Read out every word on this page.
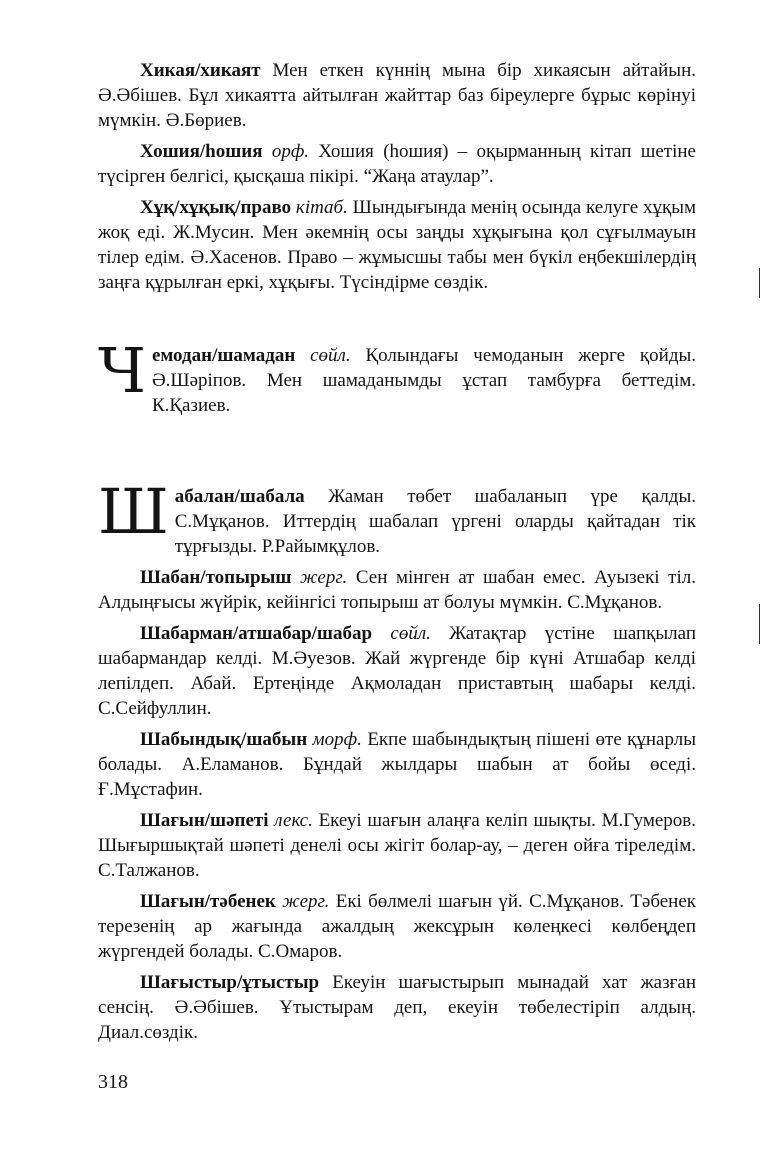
Хикая/хикаят Мен еткен күннің мына бір хикаясын айтайын. Ә.Әбішев. Бұл хикаятта айтылған жайттар баз біреулерге бұрыс көрінуі мүмкін. Ә.Бөриев.

Хошия/һошия орф. Хошия (һошия) – оқырманның кітап шетіне түсірген белгісі, қысқаша пікірі. “Жаңа атаулар”.

Хұқ/хұқық/право кітаб. Шындығында менің осында келуге хұқым жоқ еді. Ж.Мусин. Мен әкемнің осы заңды хұқығына қол сұғылмауын тілер едім. Ә.Хасенов. Право – жұмысшы табы мен бүкіл еңбекшілердің заңға құрылған еркі, хұқығы. Түсіндірме сөздік.

Чемодан/шамадан сөйл. Қолындағы чемоданын жерге қойды. Ә.Шәріпов. Мен шамаданымды ұстап тамбурға беттедім. К.Қазиев.

Шабалан/шабала Жаман төбет шабаланып үре қалды. С.Мұқанов. Иттердің шабалап үргені оларды қайтадан тік тұрғызды. Р.Райымқұлов.

Шабан/топырыш жерг. Сен мінген ат шабан емес. Ауызекі тіл. Алдыңғысы жүйрік, кейінгісі топырыш ат болуы мүмкін. С.Мұқанов.

Шабарман/атшабар/шабар сөйл. Жатақтар үстіне шапқылап шабармандар келді. М.Әуезов. Жай жүргенде бір күні Атшабар келді лепілдеп. Абай. Ертеңінде Ақмоладан приставтың шабары келді. С.Сейфуллин.

Шабындық/шабын морф. Екпе шабындықтың пішені өте құнарлы болады. А.Еламанов. Бұндай жылдары шабын ат бойы өседі. Ғ.Мұстафин.

Шағын/шәпеті лекс. Екеуі шағын алаңға келіп шықты. М.Гумеров. Шығыршықтай шәпеті денелі осы жігіт болар-ау, – деген ойға тіреледім. С.Талжанов.

Шағын/тәбенек жерг. Екі бөлмелі шағын үй. С.Мұқанов. Тәбенек терезенің ар жағында ажалдың жексұрын көлеңкесі көлбеңдеп жүргендей болады. С.Омаров.

Шағыстыр/ұтыстыр Екеуін шағыстырып мынадай хат жазған сенсің. Ә.Әбішев. Ұтыстырам деп, екеуін төбелестіріп алдың. Диал.сөздік.

318
